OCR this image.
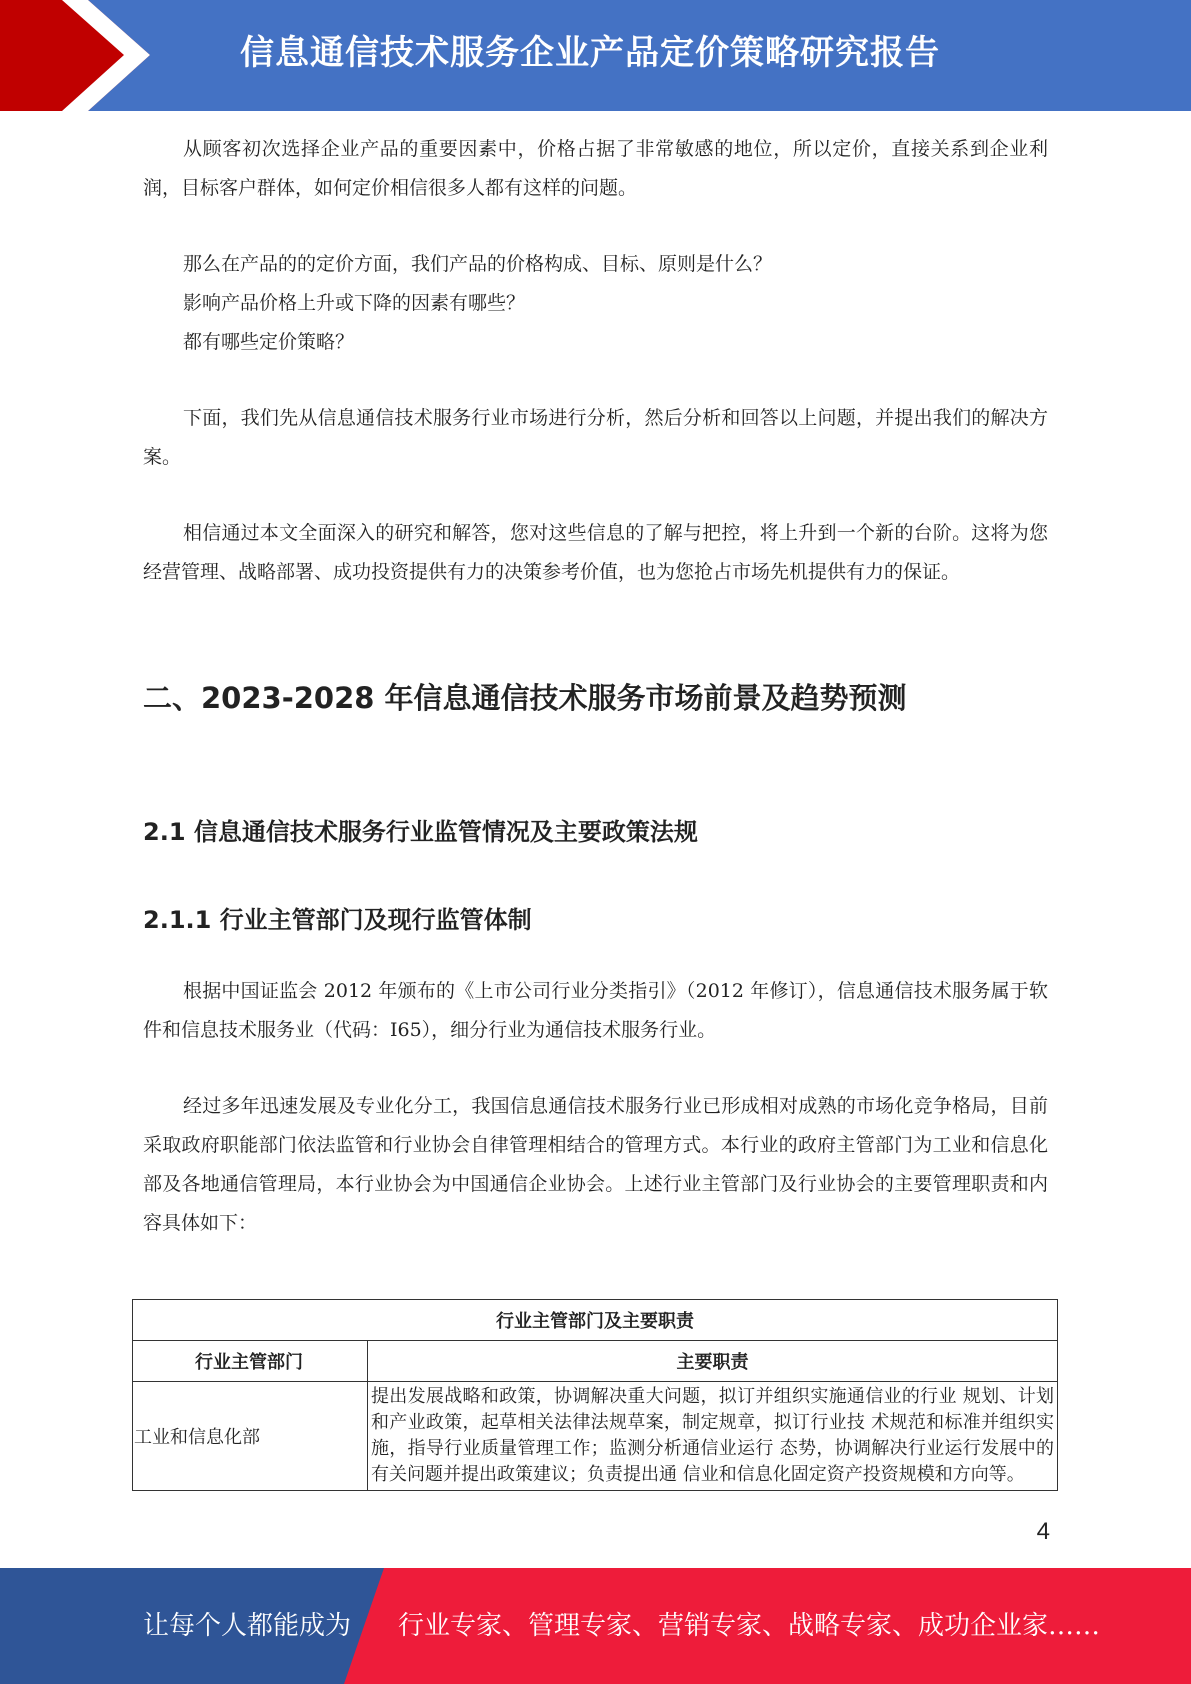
信息通信技术服务企业产品定价策略研究报告

从顾客初次选择企业产品的重要因素中，价格占据了非常敏感的地位，所以定价，直接关系到企业利润，目标客户群体，如何定价相信很多人都有这样的问题。

那么在产品的的定价方面，我们产品的价格构成、目标、原则是什么？

影响产品价格上升或下降的因素有哪些？

都有哪些定价策略？

下面，我们先从信息通信技术服务行业市场进行分析，然后分析和回答以上问题，并提出我们的解决方案。

相信通过本文全面深入的研究和解答，您对这些信息的了解与把控，将上升到一个新的台阶。这将为您经营管理、战略部署、成功投资提供有力的决策参考价值，也为您抢占市场先机提供有力的保证。

二、2023-2028 年信息通信技术服务市场前景及趋势预测
2.1 信息通信技术服务行业监管情况及主要政策法规
2.1.1 行业主管部门及现行监管体制

根据中国证监会 2012 年颁布的《上市公司行业分类指引》（2012 年修订），信息通信技术服务属于软件和信息技术服务业（代码：I65），细分行业为通信技术服务行业。

经过多年迅速发展及专业化分工，我国信息通信技术服务行业已形成相对成熟的市场化竞争格局，目前采取政府职能部门依法监管和行业协会自律管理相结合的管理方式。本行业的政府主管部门为工业和信息化部及各地通信管理局，本行业协会为中国通信企业协会。上述行业主管部门及行业协会的主要管理职责和内容具体如下：

行业主管部门及主要职责	
行业主管部门	主要职责
工业和信息化部	提出发展战略和政策，协调解决重大问题，拟订并组织实施通信业的行业 规划、计划和产业政策，起草相关法律法规草案，制定规章，拟订行业技 术规范和标准并组织实施，指导行业质量管理工作；监测分析通信业运行 态势，协调解决行业运行发展中的有关问题并提出政策建议；负责提出通 信业和信息化固定资产投资规模和方向等。
4
让每个人都能成为 行业专家、管理专家、营销专家、战略专家、成功企业家……
